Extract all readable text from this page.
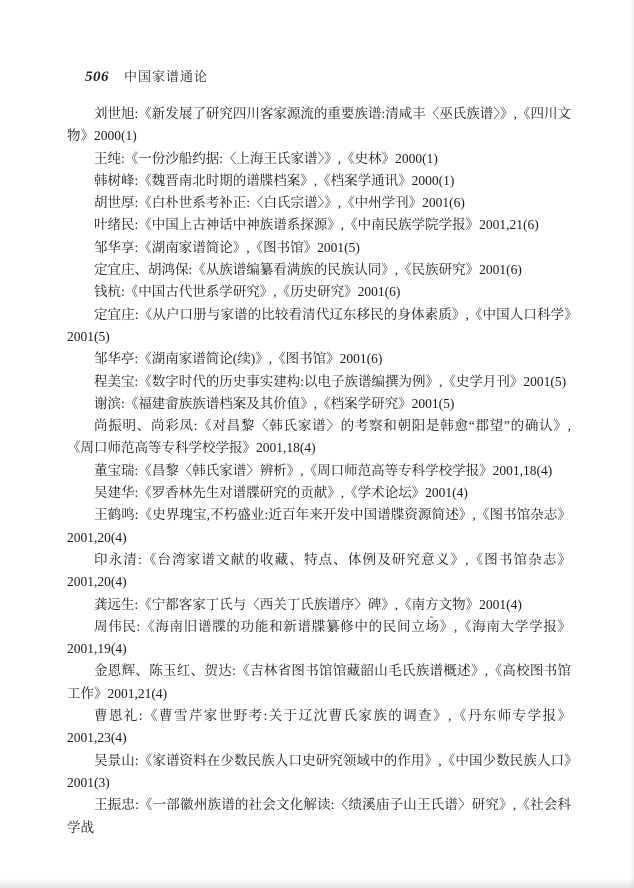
506 中国家谱通论

刘世旭:《新发展了研究四川客家源流的重要族谱:清咸丰〈巫氏族谱〉》,《四川文物》2000(1)

王纯:《一份沙船约据:〈上海王氏家谱〉》,《史林》2000(1)

韩树峰:《魏晋南北时期的谱牒档案》,《档案学通讯》2000(1)

胡世厚:《白朴世系考补正:〈白氏宗谱〉》,《中州学刊》2001(6)

叶绪民:《中国上古神话中神族谱系探源》,《中南民族学院学报》2001,21(6)

邹华享:《湖南家谱简论》,《图书馆》2001(5)

定宜庄、胡鸿保:《从族谱编纂看满族的民族认同》,《民族研究》2001(6)

钱杭:《中国古代世系学研究》,《历史研究》2001(6)

定宜庄:《从户口册与家谱的比较看清代辽东移民的身体素质》,《中国人口科学》2001(5)

邹华亭:《湖南家谱简论(续)》,《图书馆》2001(6)

程美宝:《数字时代的历史事实建构:以电子族谱编撰为例》,《史学月刊》2001(5)

谢滨:《福建畲族族谱档案及其价值》,《档案学研究》2001(5)

尚振明、尚彩凤:《对昌黎〈韩氏家谱〉的考察和朝阳是韩愈“郡望”的确认》,《周口师范高等专科学校学报》2001,18(4)

董宝瑞:《昌黎〈韩氏家谱〉辨析》,《周口师范高等专科学校学报》2001,18(4)

吴建华:《罗香林先生对谱牒研究的贡献》,《学术论坛》2001(4)

王鹤鸣:《史界瑰宝,不朽盛业:近百年来开发中国谱牒资源简述》,《图书馆杂志》2001,20(4)

印永清:《台湾家谱文献的收藏、特点、体例及研究意义》,《图书馆杂志》2001,20(4)

龚远生:《宁都客家丁氏与〈西关丁氏族谱序〉碑》,《南方文物》2001(4)

周伟民:《海南旧谱牒的功能和新谱牒纂修中的民间立场》,《海南大学学报》2001,19(4)

金恩辉、陈玉红、贺达:《吉林省图书馆馆藏韶山毛氏族谱概述》,《高校图书馆工作》2001,21(4)

曹恩礼:《曹雪芹家世野考:关于辽沈曹氏家族的调查》,《丹东师专学报》2001,23(4)

吴景山:《家谱资料在少数民族人口史研究领域中的作用》,《中国少数民族人口》2001(3)

王振忠:《一部徽州族谱的社会文化解读:〈绩溪庙子山王氏谱〉研究》,《社会科学战
